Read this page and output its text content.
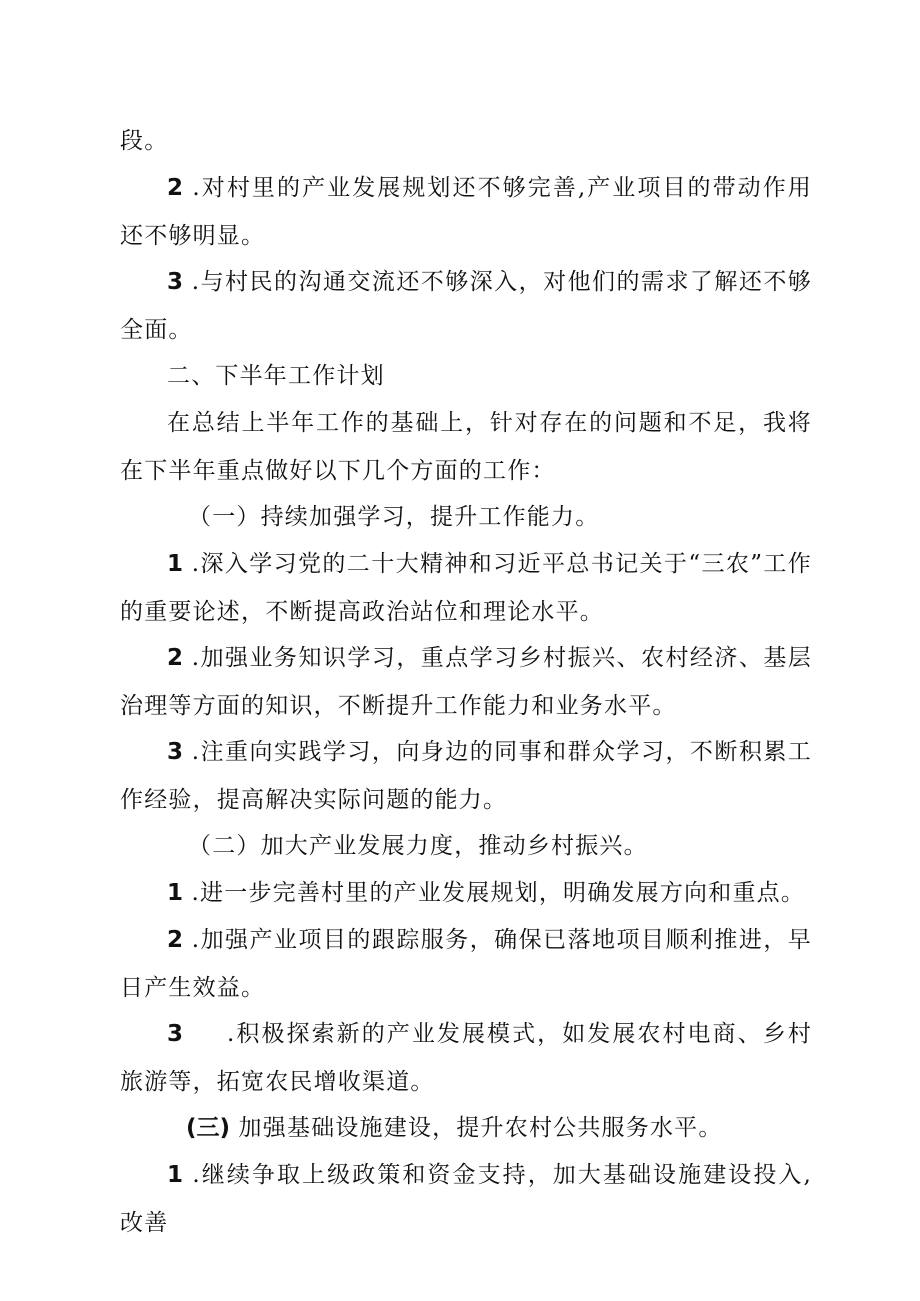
段。

2 .对村里的产业发展规划还不够完善,产业项目的带动作用还不够明显。

3 .与村民的沟通交流还不够深入，对他们的需求了解还不够全面。

二、下半年工作计划

在总结上半年工作的基础上，针对存在的问题和不足，我将在下半年重点做好以下几个方面的工作：

（一）持续加强学习，提升工作能力。

1 .深入学习党的二十大精神和习近平总书记关于“三农”工作的重要论述，不断提高政治站位和理论水平。

2 .加强业务知识学习，重点学习乡村振兴、农村经济、基层治理等方面的知识，不断提升工作能力和业务水平。

3 .注重向实践学习，向身边的同事和群众学习，不断积累工作经验，提高解决实际问题的能力。

（二）加大产业发展力度，推动乡村振兴。

1 .进一步完善村里的产业发展规划，明确发展方向和重点。

2 .加强产业项目的跟踪服务，确保已落地项目顺利推进，早日产生效益。

3 .积极探索新的产业发展模式，如发展农村电商、乡村旅游等，拓宽农民增收渠道。

(三) 加强基础设施建设，提升农村公共服务水平。

1 .继续争取上级政策和资金支持，加大基础设施建设投入,改善
